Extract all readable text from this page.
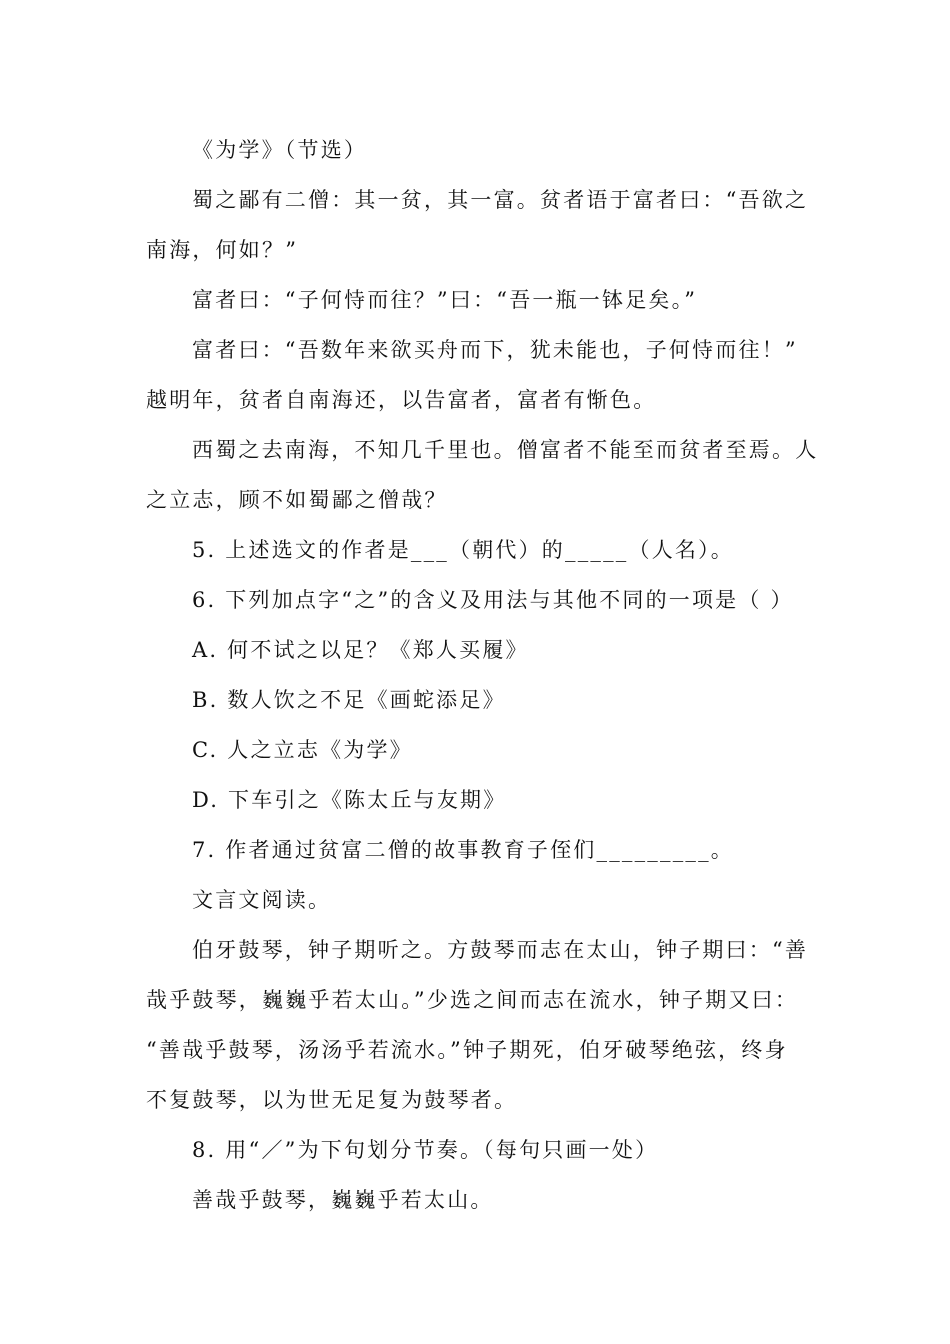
《为学》（节选）
蜀之鄙有二僧：其一贫，其一富。贫者语于富者曰：“吾欲之
南海，何如？”
富者曰：“子何恃而往？”曰：“吾一瓶一钵足矣。”
富者曰：“吾数年来欲买舟而下，犹未能也，子何恃而往！”
越明年，贫者自南海还，以告富者，富者有惭色。
西蜀之去南海，不知几千里也。僧富者不能至而贫者至焉。人
之立志，顾不如蜀鄙之僧哉？
5. 上述选文的作者是___（朝代）的_____（人名）。
6. 下列加点字“之”的含义及用法与其他不同的一项是（ ）
A. 何不试之以足？《郑人买履》
B. 数人饮之不足《画蛇添足》
C. 人之立志《为学》
D. 下车引之《陈太丘与友期》
7. 作者通过贫富二僧的故事教育子侄们_________。
文言文阅读。
伯牙鼓琴，钟子期听之。方鼓琴而志在太山，钟子期曰：“善
哉乎鼓琴，巍巍乎若太山。”少选之间而志在流水，钟子期又曰：
“善哉乎鼓琴，汤汤乎若流水。”钟子期死，伯牙破琴绝弦，终身
不复鼓琴，以为世无足复为鼓琴者。
8. 用“／”为下句划分节奏。（每句只画一处）
善哉乎鼓琴，巍巍乎若太山。
